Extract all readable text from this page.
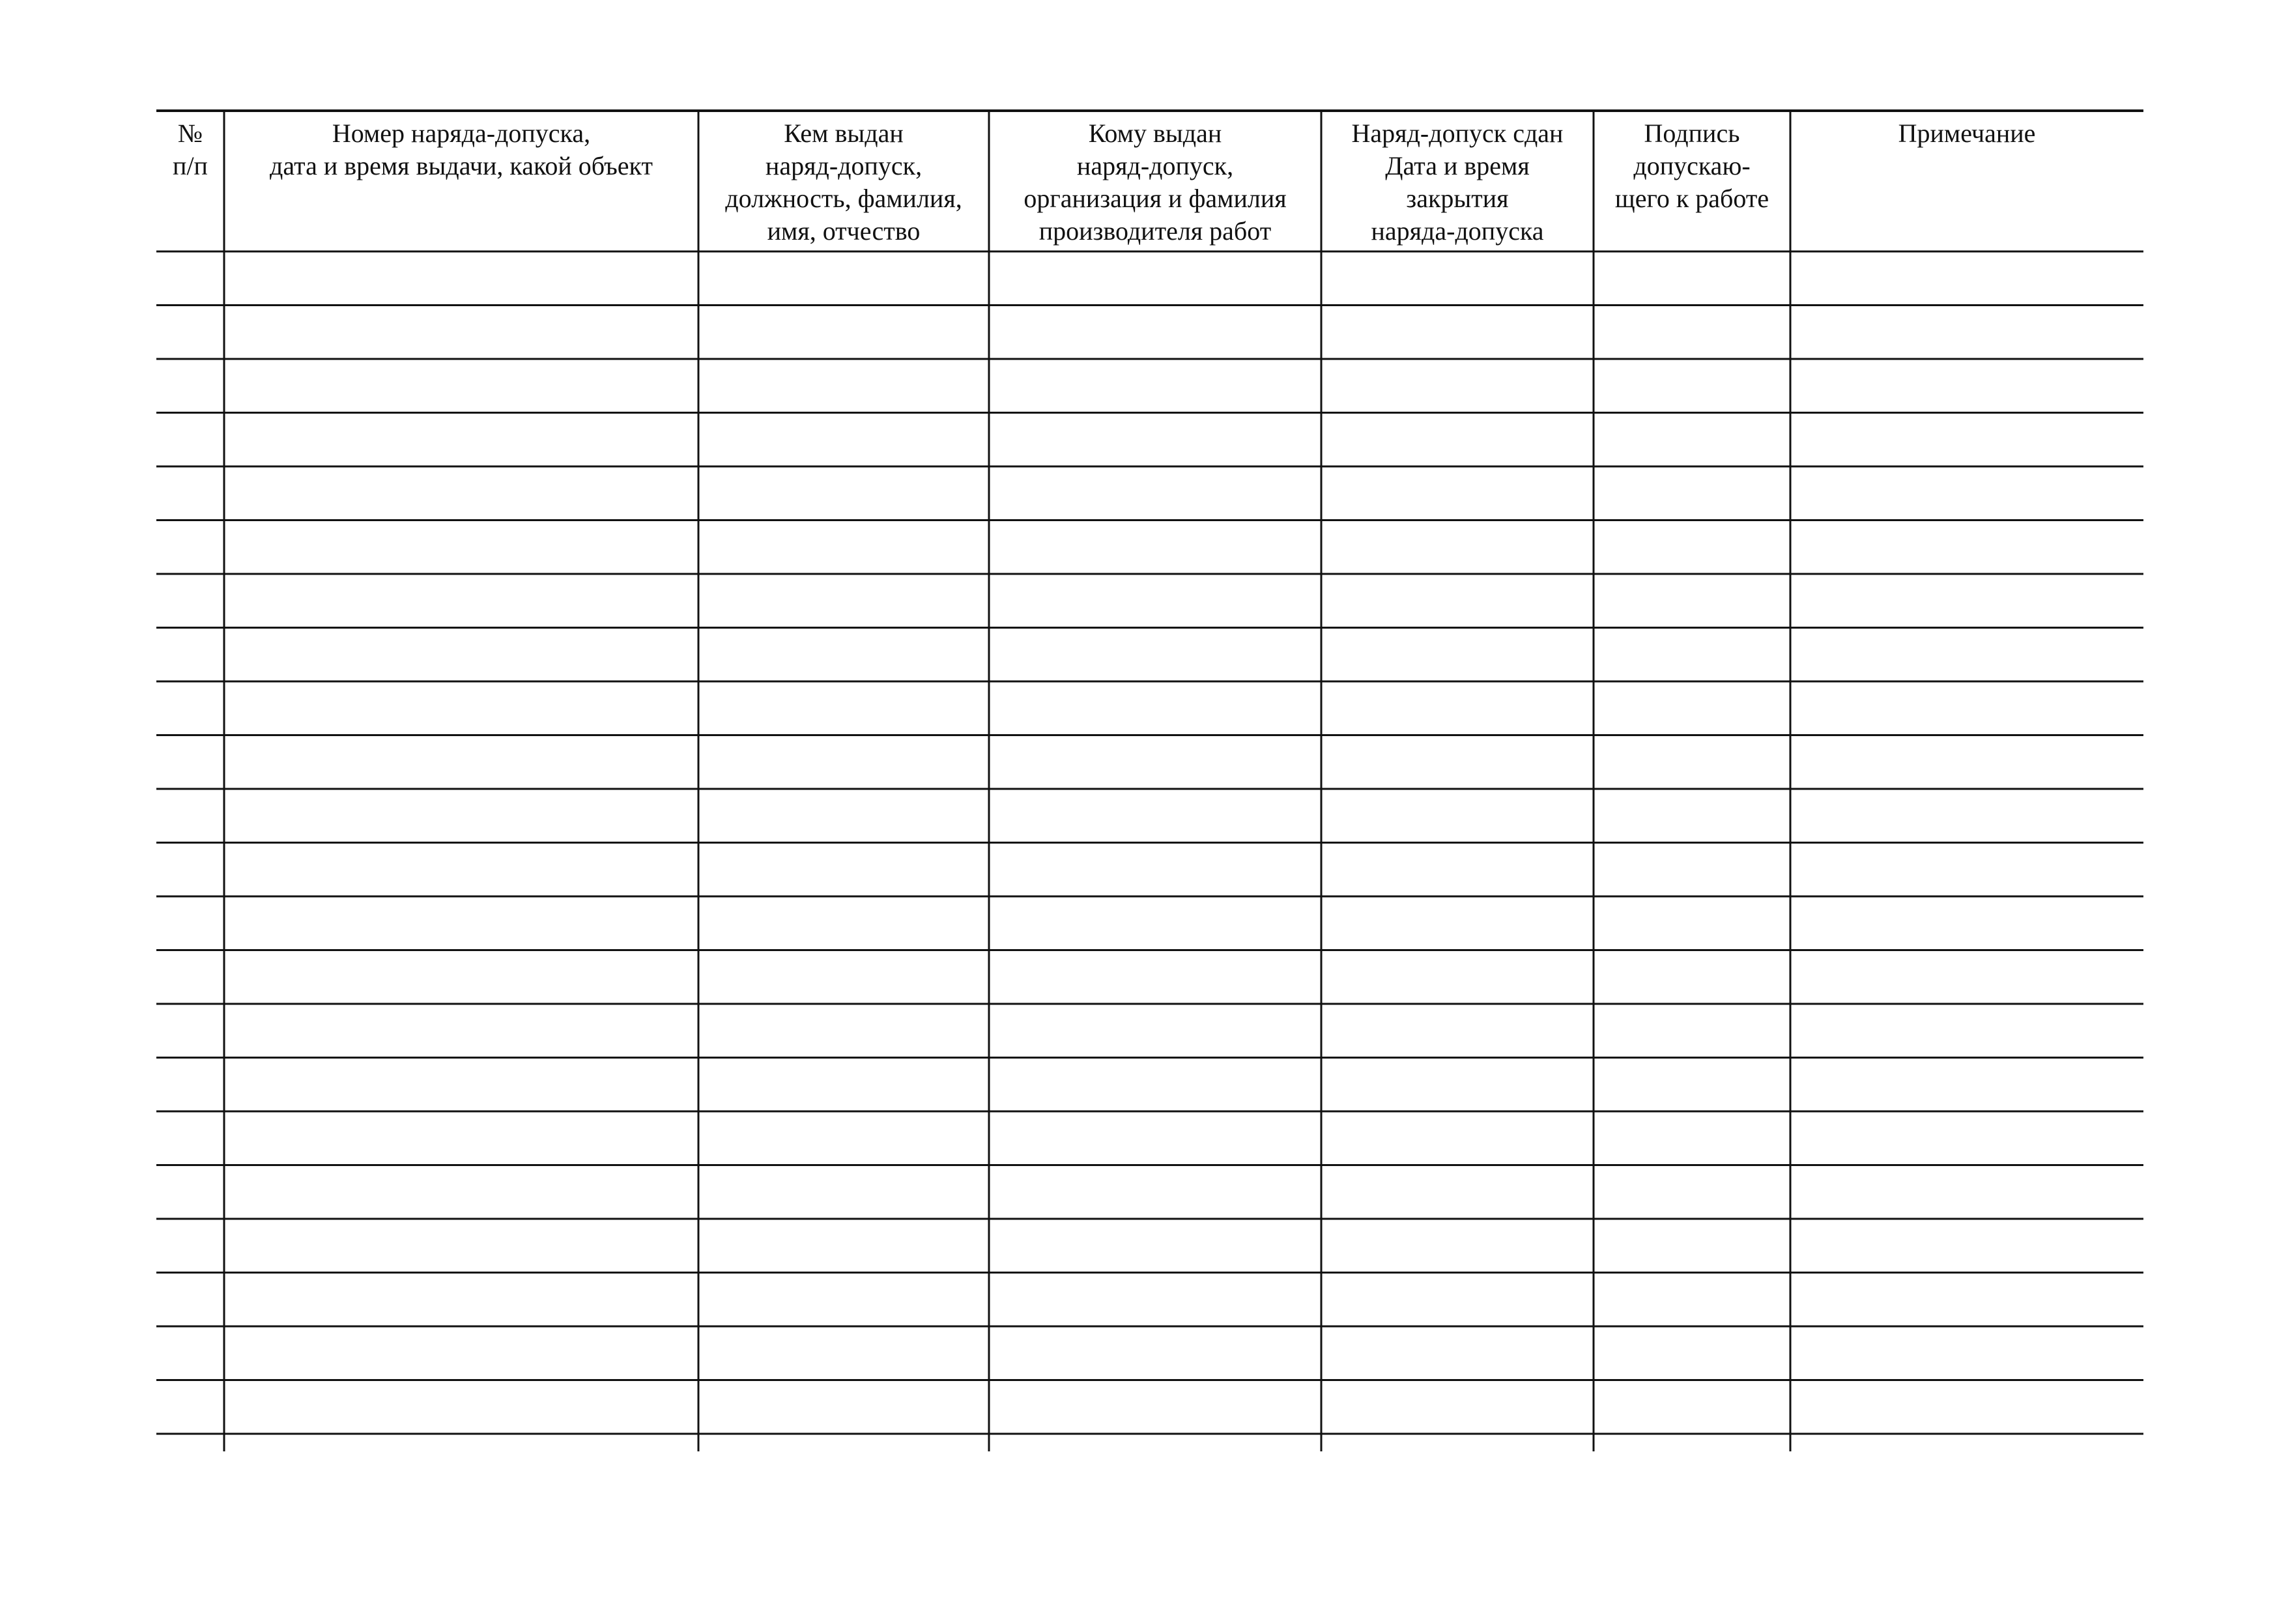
№
п/п
Номер наряда-допуска,
дата и время выдачи, какой объект
Кем выдан
наряд-допуск,
должность, фамилия,
имя, отчество
Кому выдан
наряд-допуск,
организация и фамилия
производителя работ
Наряд-допуск сдан
Дата и время
закрытия
наряда-допуска
Подпись
допускаю-
щего к работе
Примечание
